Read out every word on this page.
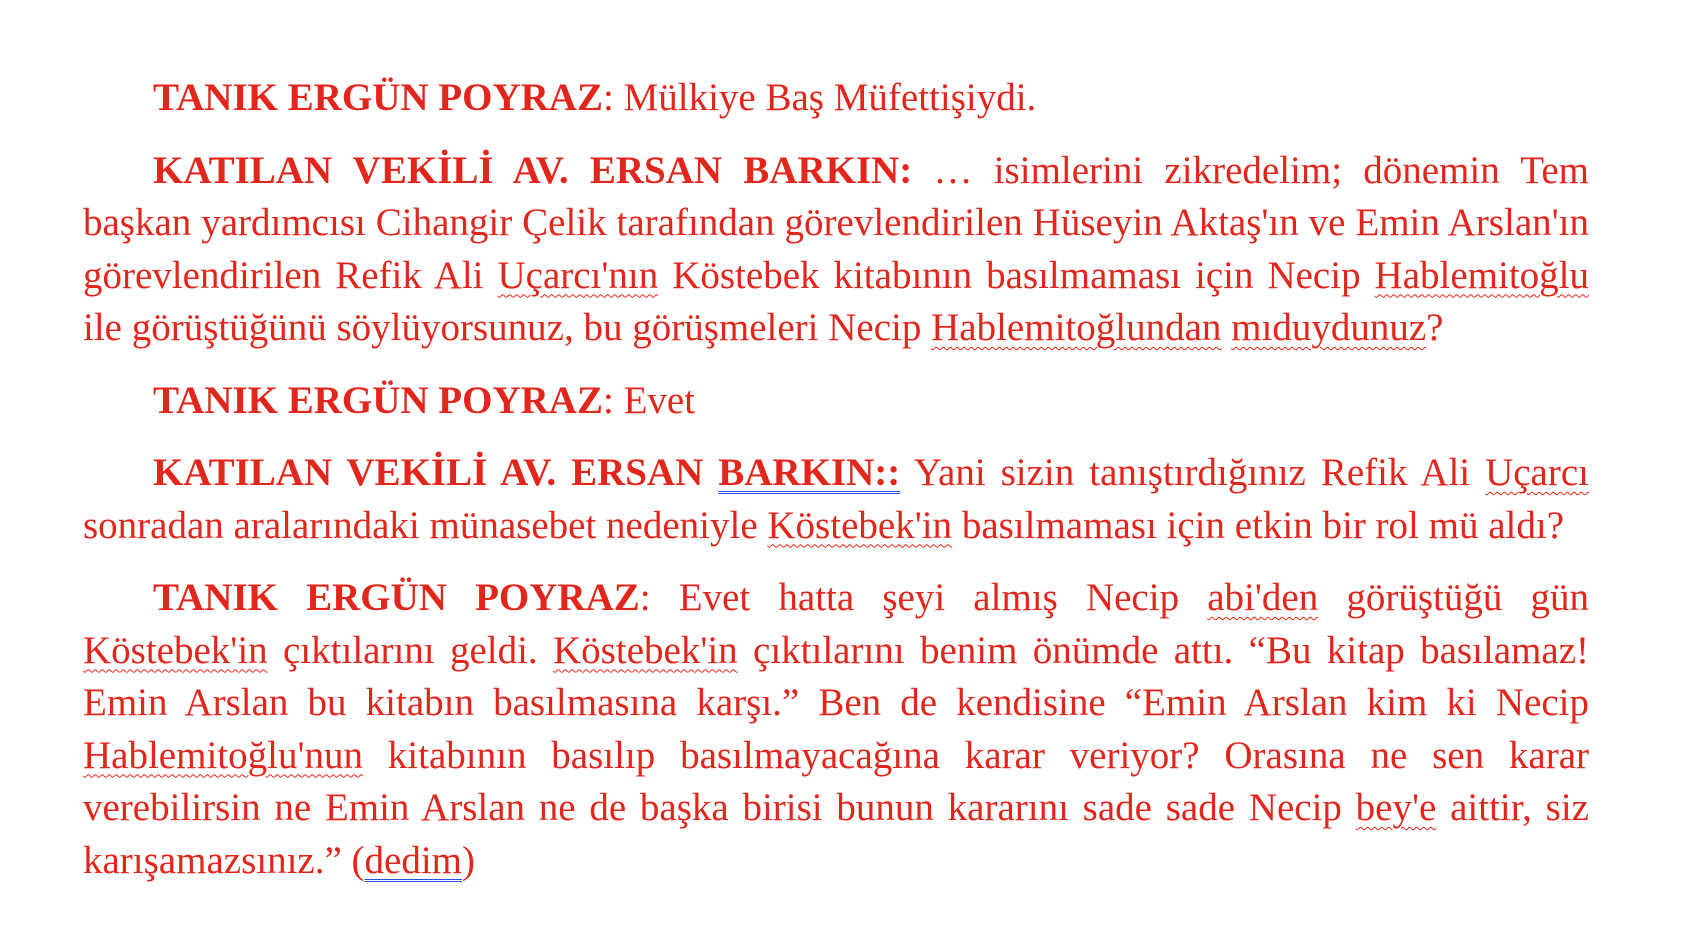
TANIK ERGÜN POYRAZ: Mülkiye Baş Müfettişiydi.

KATILAN VEKİLİ AV. ERSAN BARKIN: … isimlerini zikredelim; dönemin Tem başkan yardımcısı Cihangir Çelik tarafından görevlendirilen Hüseyin Aktaş'ın ve Emin Arslan'ın görevlendirilen Refik Ali Uçarcı'nın Köstebek kitabının basılmaması için Necip Hablemitoğlu ile görüştüğünü söylüyorsunuz, bu görüşmeleri Necip Hablemitoğlundan mıduydunuz?

TANIK ERGÜN POYRAZ: Evet

KATILAN VEKİLİ AV. ERSAN BARKIN:: Yani sizin tanıştırdığınız Refik Ali Uçarcı sonradan aralarındaki münasebet nedeniyle Köstebek'in basılmaması için etkin bir rol mü aldı?

TANIK ERGÜN POYRAZ: Evet hatta şeyi almış Necip abi'den görüştüğü gün Köstebek'in çıktılarını geldi. Köstebek'in çıktılarını benim önümde attı. “Bu kitap basılamaz! Emin Arslan bu kitabın basılmasına karşı.” Ben de kendisine “Emin Arslan kim ki Necip Hablemitoğlu'nun kitabının basılıp basılmayacağına karar veriyor? Orasına ne sen karar verebilirsin ne Emin Arslan ne de başka birisi bunun kararını sade sade Necip bey'e aittir, siz karışamazsınız.” (dedim)
